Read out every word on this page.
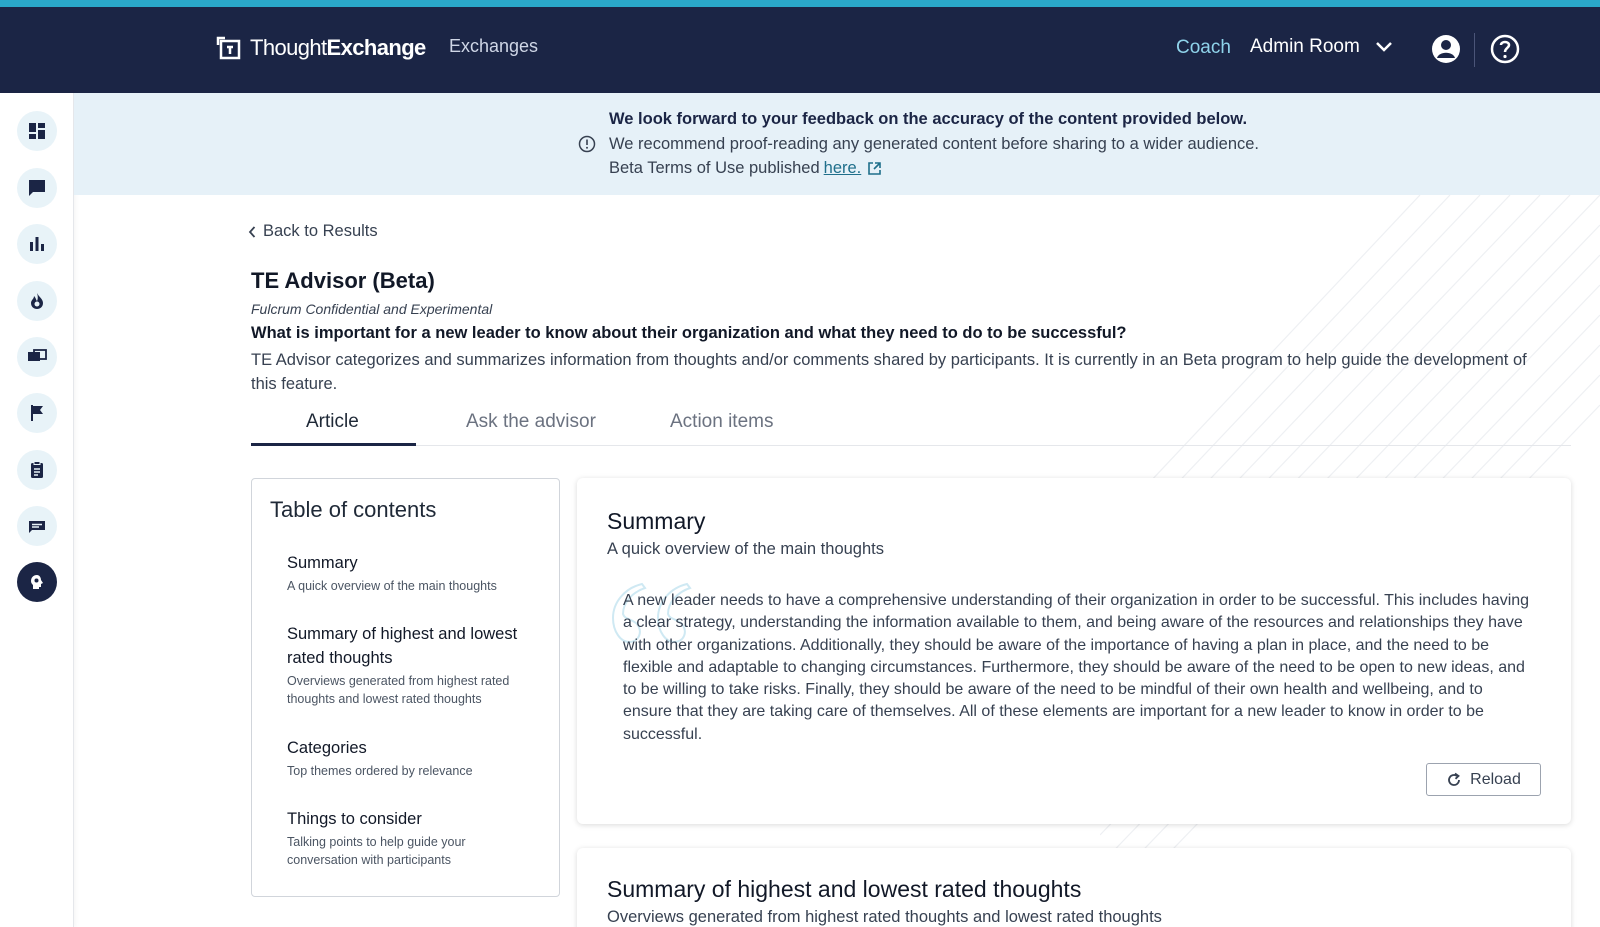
Thought Exchange Exchanges	Coach Admin Room
We look forward to your feedback on the accuracy of the content provided below.
We recommend proof-reading any generated content before sharing to a wider audience.
Beta Terms of Use published here.
Back to Results
TE Advisor (Beta)
Fulcrum Confidential and Experimental
What is important for a new leader to know about their organization and what they need to do to be successful?
TE Advisor categorizes and summarizes information from thoughts and/or comments shared by participants. It is currently in an Beta program to help guide the development of this feature.
Article	Ask the advisor	Action items
Table of contents
Summary
A quick overview of the main thoughts
Summary of highest and lowest rated thoughts
Overviews generated from highest rated thoughts and lowest rated thoughts
Categories
Top themes ordered by relevance
Things to consider
Talking points to help guide your conversation with participants
Summary
A quick overview of the main thoughts
A new leader needs to have a comprehensive understanding of their organization in order to be successful. This includes having a clear strategy, understanding the information available to them, and being aware of the resources and relationships they have with other organizations. Additionally, they should be aware of the importance of having a plan in place, and the need to be flexible and adaptable to changing circumstances. Furthermore, they should be aware of the need to be open to new ideas, and to be willing to take risks. Finally, they should be aware of the need to be mindful of their own health and wellbeing, and to ensure that they are taking care of themselves. All of these elements are important for a new leader to know in order to be successful.
Reload
Summary of highest and lowest rated thoughts
Overviews generated from highest rated thoughts and lowest rated thoughts
